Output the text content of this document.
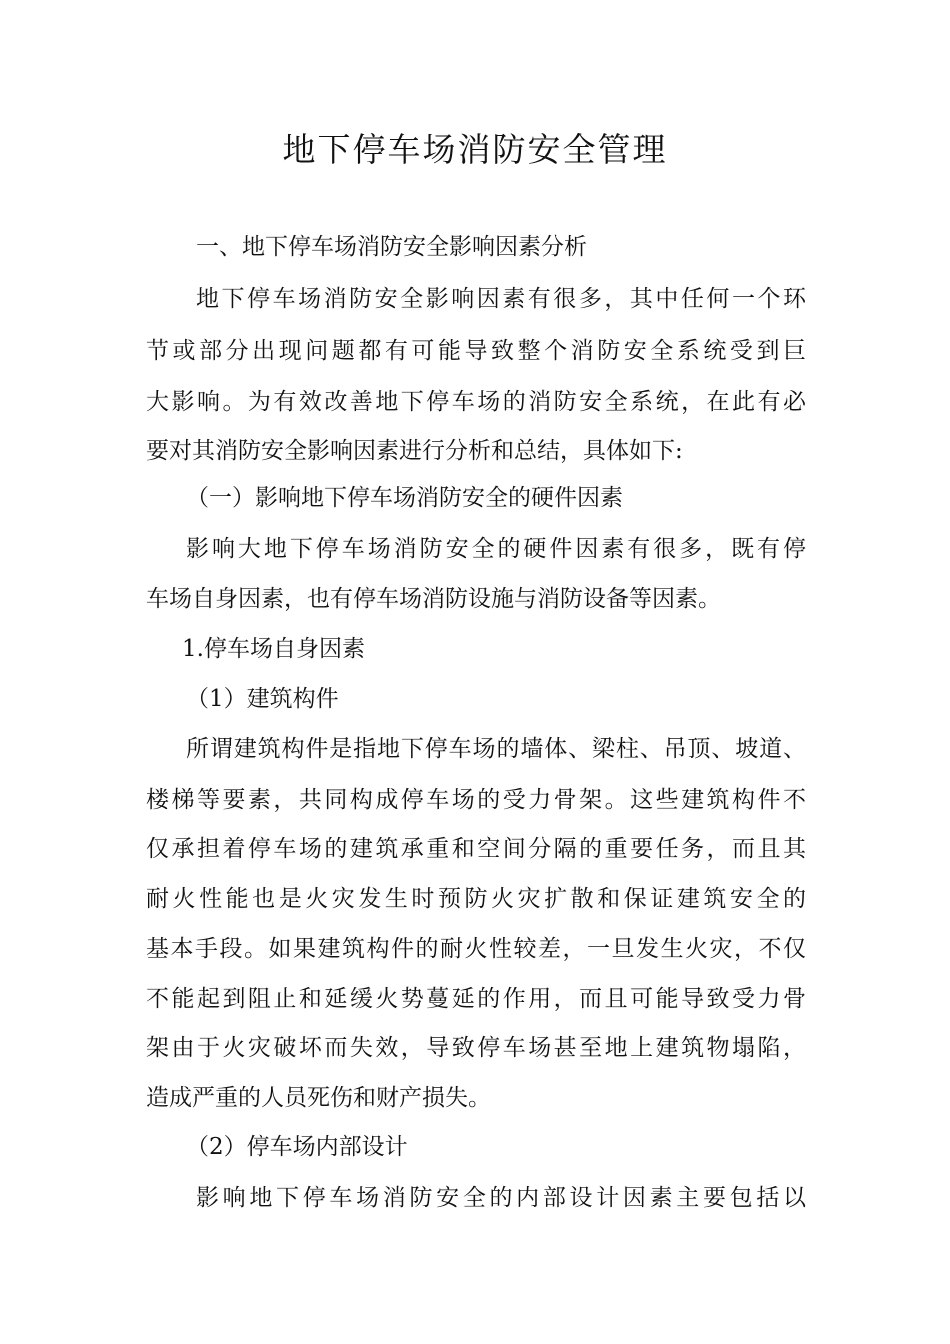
地下停车场消防安全管理

一、地下停车场消防安全影响因素分析

地下停车场消防安全影响因素有很多，其中任何一个环

节或部分出现问题都有可能导致整个消防安全系统受到巨

大影响。为有效改善地下停车场的消防安全系统，在此有必

要对其消防安全影响因素进行分析和总结，具体如下:

（一）影响地下停车场消防安全的硬件因素

影响大地下停车场消防安全的硬件因素有很多，既有停

车场自身因素，也有停车场消防设施与消防设备等因素。

1.停车场自身因素

（1）建筑构件

所谓建筑构件是指地下停车场的墙体、梁柱、吊顶、坡道、

楼梯等要素，共同构成停车场的受力骨架。这些建筑构件不

仅承担着停车场的建筑承重和空间分隔的重要任务，而且其

耐火性能也是火灾发生时预防火灾扩散和保证建筑安全的

基本手段。如果建筑构件的耐火性较差，一旦发生火灾，不仅

不能起到阻止和延缓火势蔓延的作用，而且可能导致受力骨

架由于火灾破坏而失效，导致停车场甚至地上建筑物塌陷，

造成严重的人员死伤和财产损失。

（2）停车场内部设计

影响地下停车场消防安全的内部设计因素主要包括以
